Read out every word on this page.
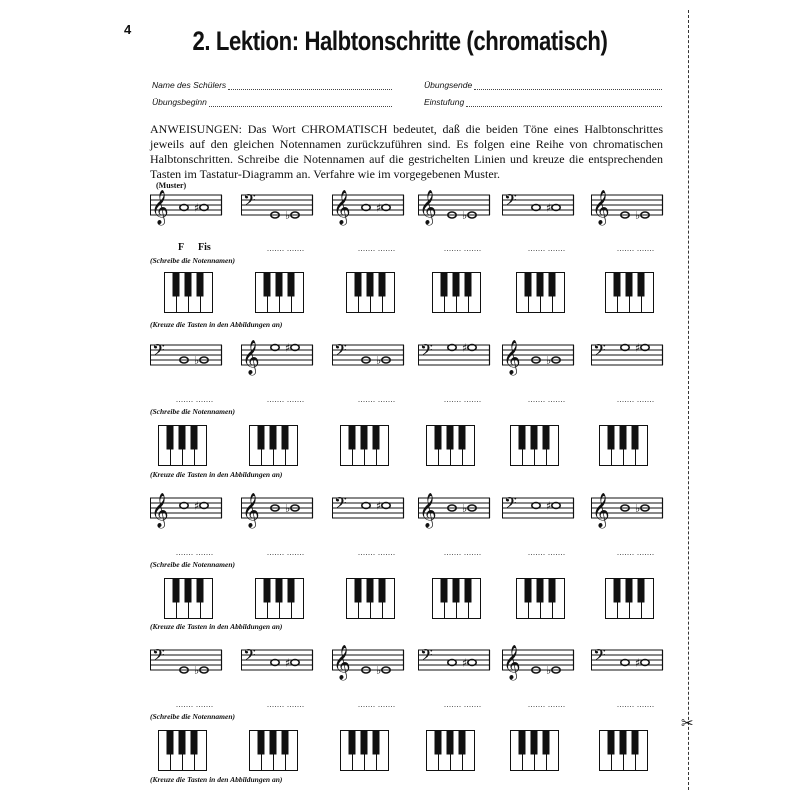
4	2. Lektion: Halbtonschritte (chromatisch)
Name des Schülers	Übungsende
Übungsbeginn	Einstufung
ANWEISUNGEN: Das Wort CHROMATISCH bedeutet, daß die beiden Töne eines Halbtonschrittes jeweils auf den gleichen Notennamen zurückzuführen sind. Es folgen eine Reihe von chromatischen Halbtonschritten. Schreibe die Notennamen auf die gestrichelten Linien und kreuze die entsprechenden Tasten im Tastatur-Diagramm an. Verfahre wie im vorgegebenen Muster.
✂
(Muster)
F Fis
𝄞 ♯ 𝄢
♭
....... .......
𝄞 ♯
....... .......
𝄞 ♭
....... .......
𝄢	♯
....... .......
𝄞 ♭
....... .......
(Schreibe die Notennamen)
(Kreuze die Tasten in den Abbildungen an)
𝄢	♭
....... .......
𝄞 ♯
....... .......
𝄢	♭
....... .......
𝄢	♯
....... .......
𝄞 ♭
....... .......
𝄢	♯
....... .......
(Schreibe die Notennamen)
(Kreuze die Tasten in den Abbildungen an)
𝄞 ♯
....... .......
𝄞 ♭
....... .......
𝄢	♯
....... .......
𝄞 ♭
....... .......
𝄢	♯
....... .......
𝄞 ♭
....... .......
(Schreibe die Notennamen)
(Kreuze die Tasten in den Abbildungen an)
𝄢
♭
....... .......
𝄢	♯
....... .......
𝄞 ♭
....... .......
𝄢	♯
....... .......
𝄞 ♭
....... .......
𝄢	♯
....... .......
(Schreibe die Notennamen)
(Kreuze die Tasten in den Abbildungen an)
